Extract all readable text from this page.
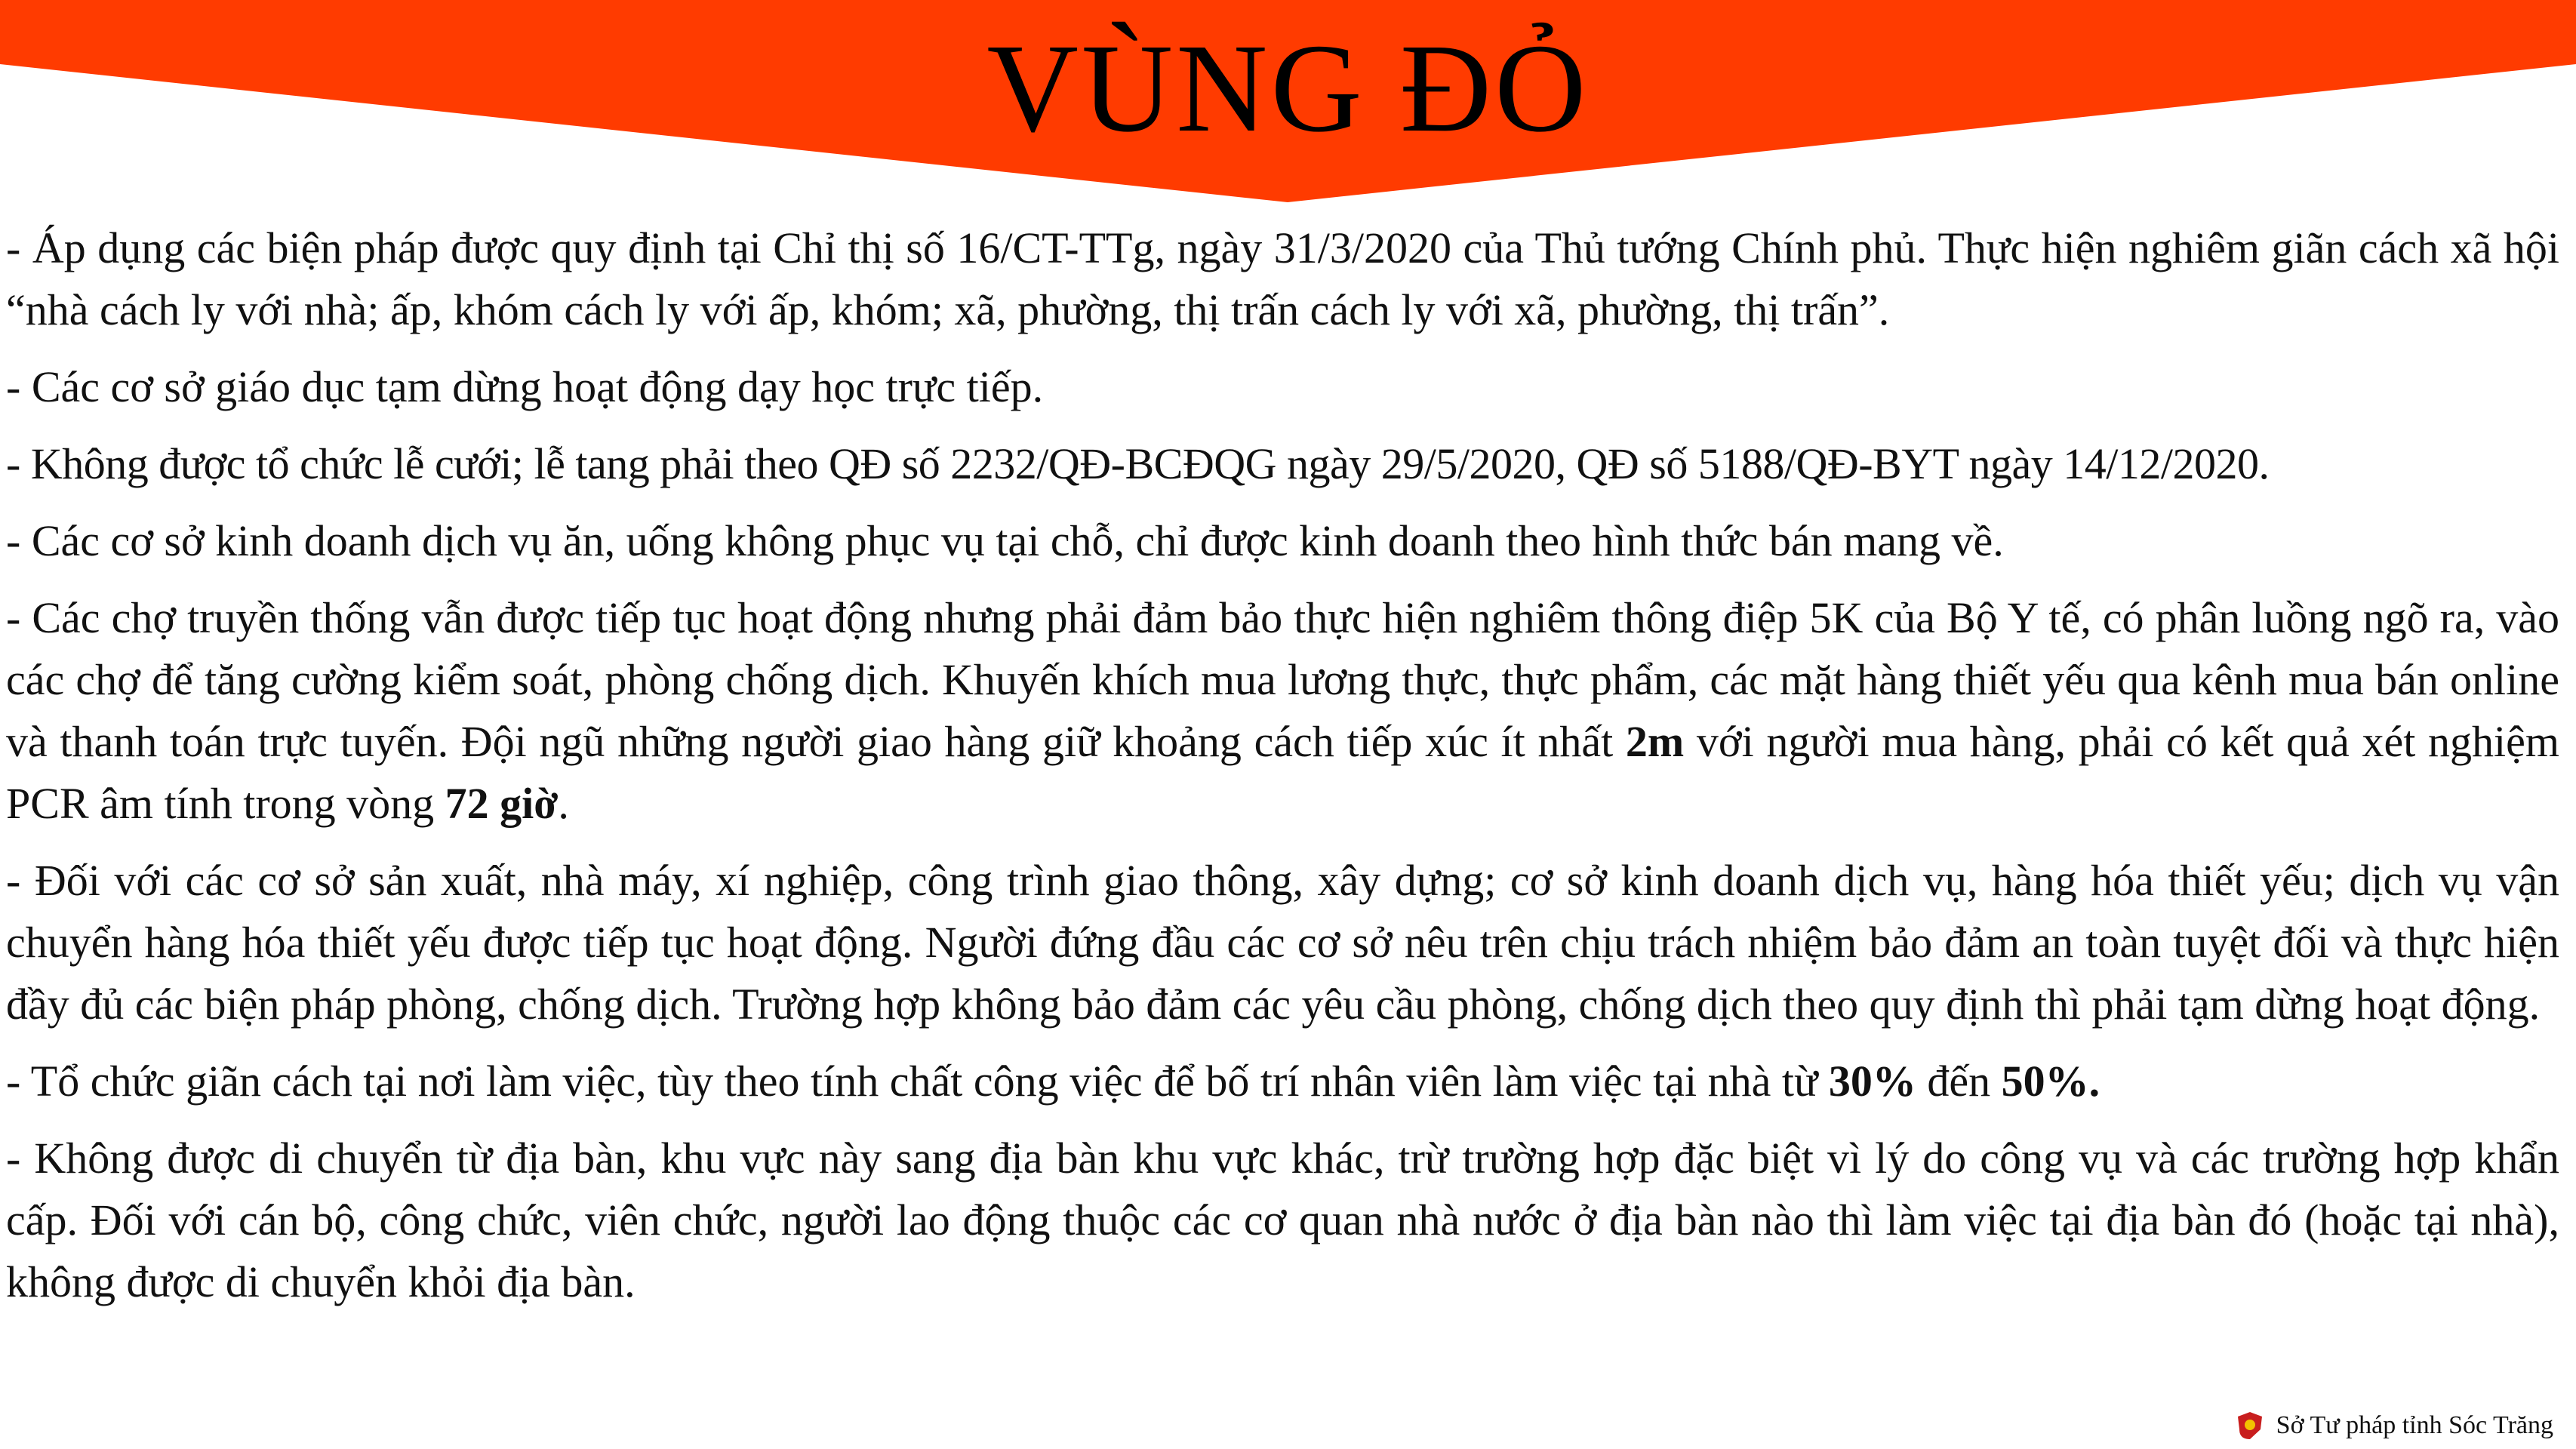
VÙNG ĐỎ

- Áp dụng các biện pháp được quy định tại Chỉ thị số 16/CT-TTg, ngày 31/3/2020 của Thủ tướng Chính phủ. Thực hiện nghiêm giãn cách xã hội “nhà cách ly với nhà; ấp, khóm cách ly với ấp, khóm; xã, phường, thị trấn cách ly với xã, phường, thị trấn”.

- Các cơ sở giáo dục tạm dừng hoạt động dạy học trực tiếp.

- Không được tổ chức lễ cưới; lễ tang phải theo QĐ số 2232/QĐ-BCĐQG ngày 29/5/2020, QĐ số 5188/QĐ-BYT ngày 14/12/2020.

- Các cơ sở kinh doanh dịch vụ ăn, uống không phục vụ tại chỗ, chỉ được kinh doanh theo hình thức bán mang về.

- Các chợ truyền thống vẫn được tiếp tục hoạt động nhưng phải đảm bảo thực hiện nghiêm thông điệp 5K của Bộ Y tế, có phân luồng ngõ ra, vào các chợ để tăng cường kiểm soát, phòng chống dịch. Khuyến khích mua lương thực, thực phẩm, các mặt hàng thiết yếu qua kênh mua bán online và thanh toán trực tuyến. Đội ngũ những người giao hàng giữ khoảng cách tiếp xúc ít nhất 2m với người mua hàng, phải có kết quả xét nghiệm PCR âm tính trong vòng 72 giờ.

- Đối với các cơ sở sản xuất, nhà máy, xí nghiệp, công trình giao thông, xây dựng; cơ sở kinh doanh dịch vụ, hàng hóa thiết yếu; dịch vụ vận chuyển hàng hóa thiết yếu được tiếp tục hoạt động. Người đứng đầu các cơ sở nêu trên chịu trách nhiệm bảo đảm an toàn tuyệt đối và thực hiện đầy đủ các biện pháp phòng, chống dịch. Trường hợp không bảo đảm các yêu cầu phòng, chống dịch theo quy định thì phải tạm dừng hoạt động.

- Tổ chức giãn cách tại nơi làm việc, tùy theo tính chất công việc để bố trí nhân viên làm việc tại nhà từ 30% đến 50%.

- Không được di chuyển từ địa bàn, khu vực này sang địa bàn khu vực khác, trừ trường hợp đặc biệt vì lý do công vụ và các trường hợp khẩn cấp. Đối với cán bộ, công chức, viên chức, người lao động thuộc các cơ quan nhà nước ở địa bàn nào thì làm việc tại địa bàn đó (hoặc tại nhà), không được di chuyển khỏi địa bàn.

Sở Tư pháp tỉnh Sóc Trăng
